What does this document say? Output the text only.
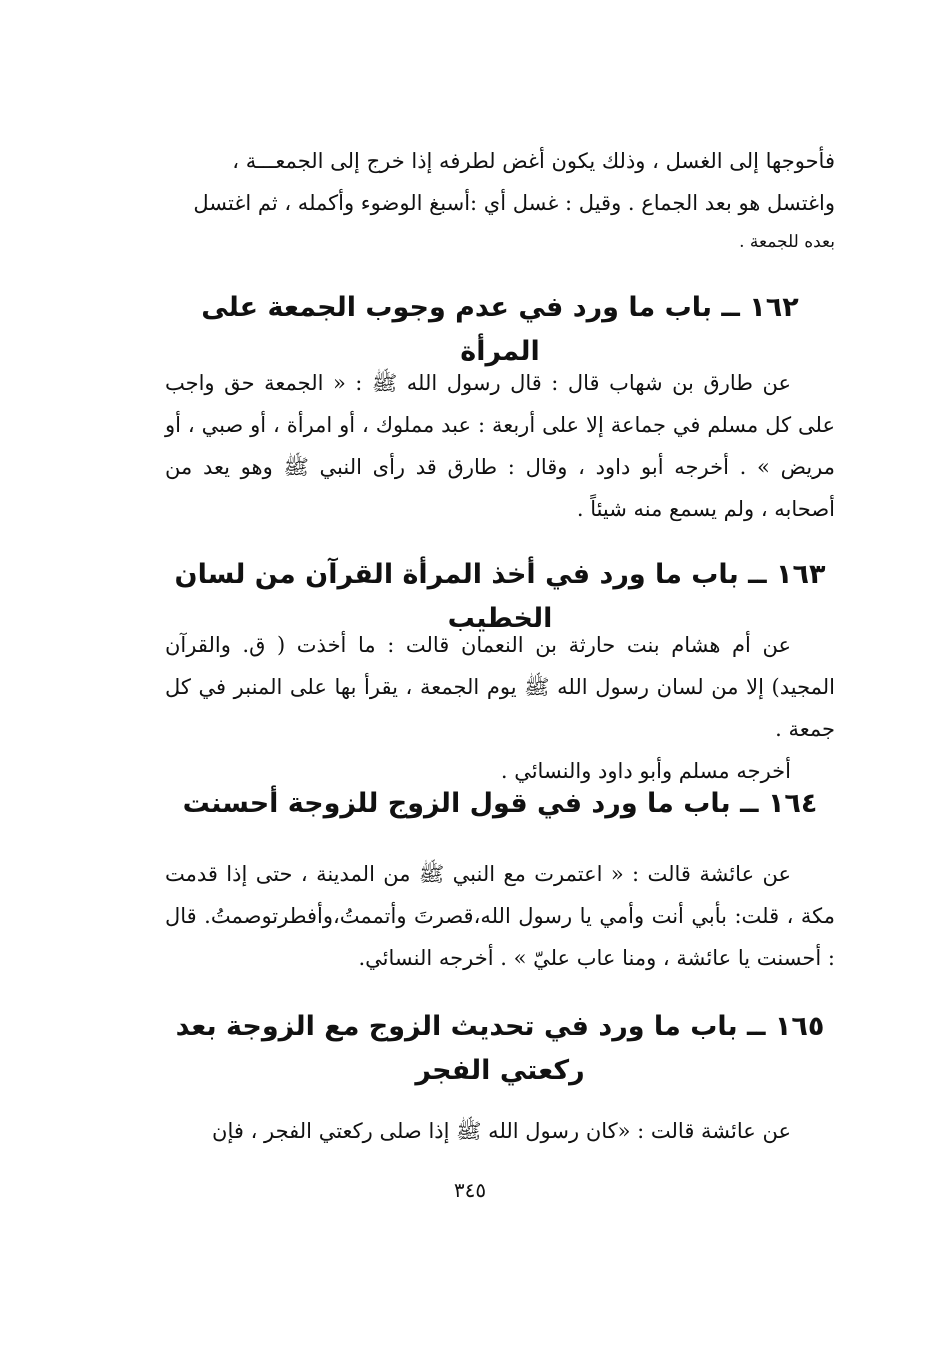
فأحوجها إلى الغسل ، وذلك يكون أغض لطرفه إذا خرج إلى الجمعـــة ،

واغتسل هو بعد الجماع . وقيل : غسل أي :أسبغ الوضوء وأكمله ، ثم اغتسل

بعده للجمعة .

١٦٢ ــ باب ما ورد في عدم وجوب الجمعة على المرأة

عن طارق بن شهاب قال : قال رسول الله ﷺ : « الجمعة حق واجب على كل مسلم في جماعة إلا على أربعة : عبد مملوك ، أو امرأة ، أو صبي ، أو مريض » . أخرجه أبو داود ، وقال : طارق قد رأى النبي ﷺ وهو يعد من أصحابه ، ولم يسمع منه شيئاً .

١٦٣ ــ باب ما ورد في أخذ المرأة القرآن من لسان الخطيب

عن أم هشام بنت حارثة بن النعمان قالت : ما أخذت ( ق. والقرآن المجيد) إلا من لسان رسول الله ﷺ يوم الجمعة ، يقرأ بها على المنبر في كل جمعة .

أخرجه مسلم وأبو داود والنسائي .

١٦٤ ــ باب ما ورد في قول الزوج للزوجة أحسنت

عن عائشة قالت : « اعتمرت مع النبي ﷺ من المدينة ، حتى إذا قدمت مكة ، قلت: بأبي أنت وأمي يا رسول الله،قصرتَ وأتممتُ،وأفطرتوصمتُ. قال : أحسنت يا عائشة ، ومنا عاب عليّ » . أخرجه النسائي.

١٦٥ ــ باب ما ورد في تحديث الزوج مع الزوجة بعد ركعتي الفجر

عن عائشة قالت : «كان رسول الله ﷺ إذا صلى ركعتي الفجر ، فإن

٣٤٥
